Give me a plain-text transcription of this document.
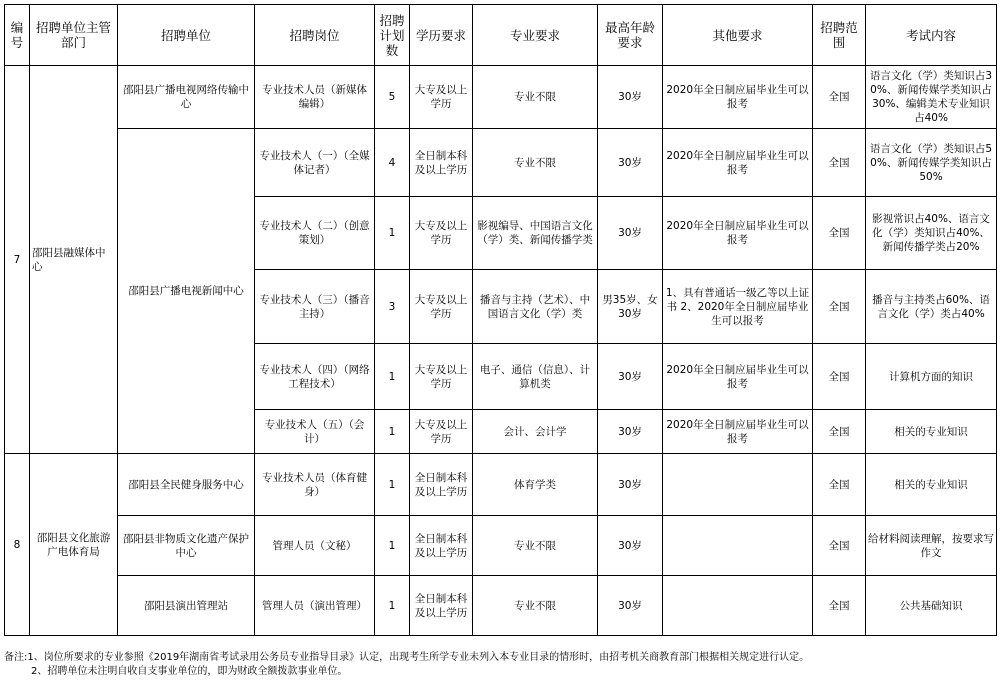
编号	招聘单位主管部门	招聘单位	招聘岗位	招聘计划数	学历要求	专业要求	最高年龄要求	其他要求	招聘范围	考试内容
7	邵阳县融媒体中心	邵阳县广播电视网络传输中心	专业技术人员（新媒体编辑）	5	大专及以上学历	专业不限	30岁	2020年全日制应届毕业生可以报考	全国	语言文化（学）类知识占30%、新闻传媒学类知识占30%、编辑美术专业知识占40%
		邵阳县广播电视新闻中心	专业技术人（一）（全媒体记者）	4	全日制本科及以上学历	专业不限	30岁	2020年全日制应届毕业生可以报考	全国	语言文化（学）类知识占50%、新闻传媒学类知识占50%
			专业技术人（二）（创意策划）	1	大专及以上学历	影视编导、中国语言文化（学）类、新闻传播学类	30岁	2020年全日制应届毕业生可以报考	全国	影视常识占40%、语言文化（学）类知识占40%、新闻传播学类占20%
			专业技术人（三）（播音主持）	3	大专及以上学历	播音与主持（艺术）、中国语言文化（学）类	男35岁、女30岁	1、具有普通话一级乙等以上证书 2、2020年全日制应届毕业生可以报考	全国	播音与主持类占60%、语言文化（学）类占40%
			专业技术人（四）（网络工程技术）	1	大专及以上学历	电子、通信（信息）、计算机类	30岁	2020年全日制应届毕业生可以报考	全国	计算机方面的知识
			专业技术人（五）（会计）	1	大专及以上学历	会计、会计学	30岁	2020年全日制应届毕业生可以报考	全国	相关的专业知识
8	邵阳县文化旅游广电体育局	邵阳县全民健身服务中心	专业技术人员（体育健身）	1	全日制本科及以上学历	体育学类	30岁		全国	相关的专业知识
		邵阳县非物质文化遗产保护中心	管理人员（文秘）	1	全日制本科及以上学历	专业不限	30岁		全国	给材料阅读理解，按要求写作文
		邵阳县演出管理站	管理人员（演出管理）	1	全日制本科及以上学历	专业不限	30岁		全国	公共基础知识
备注:1、岗位所要求的专业参照《2019年湖南省考试录用公务员专业指导目录》认定，出现考生所学专业未列入本专业目录的情形时，由招考机关商教育部门根据相关规定进行认定。
2、招聘单位未注明自收自支事业单位的，即为财政全额拨款事业单位。
